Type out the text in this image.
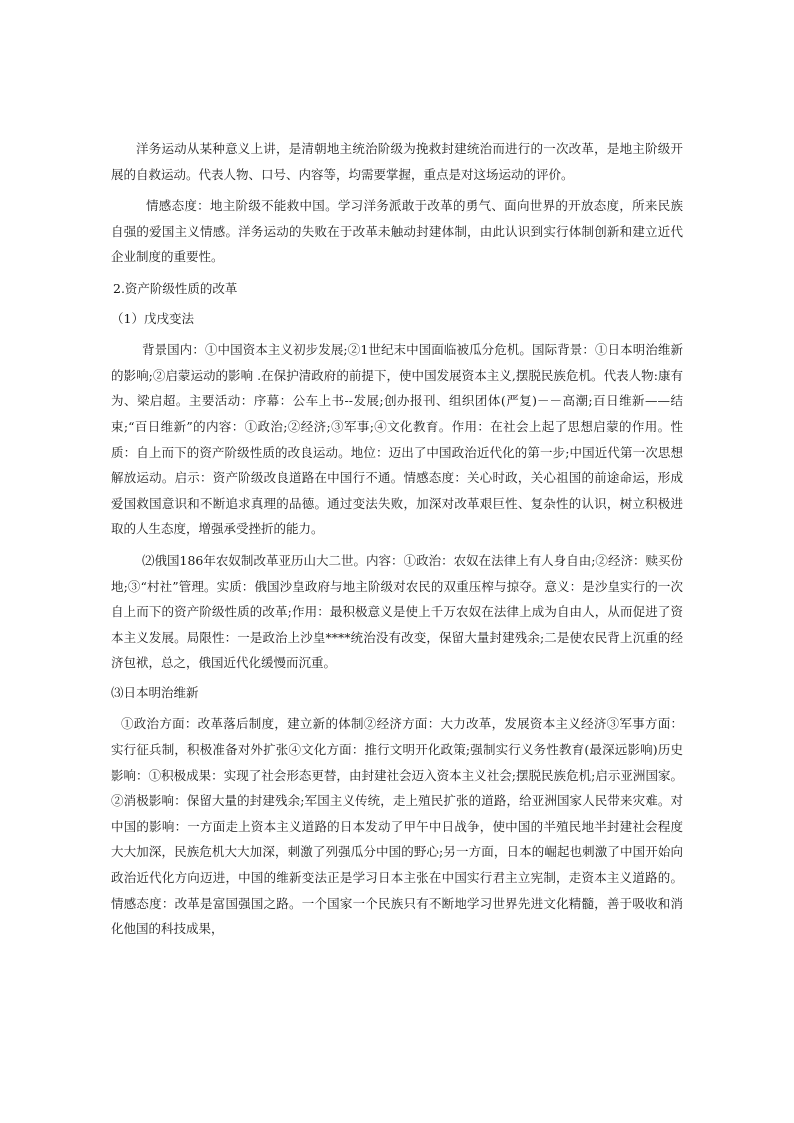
洋务运动从某种意义上讲，是清朝地主统治阶级为挽救封建统治而进行的一次改革，是地主阶级开展的自救运动。代表人物、口号、内容等，均需要掌握，重点是对这场运动的评价。

情感态度：地主阶级不能救中国。学习洋务派敢于改革的勇气、面向世界的开放态度，所来民族自强的爱国主义情感。洋务运动的失败在于改革未触动封建体制，由此认识到实行体制创新和建立近代企业制度的重要性。

2.资产阶级性质的改革

（1）戊戌变法

背景国内：①中国资本主义初步发展;②1世纪末中国面临被瓜分危机。国际背景：①日本明治维新的影响;②启蒙运动的影响 .在保护清政府的前提下，使中国发展资本主义,摆脱民族危机。代表人物:康有为、梁启超。主要活动：序幕：公车上书--发展;创办报刊、组织团体(严复)－－高潮;百日维新——结束;“百日维新”的内容：①政治;②经济;③军事;④文化教育。作用：在社会上起了思想启蒙的作用。性质：自上而下的资产阶级性质的改良运动。地位：迈出了中国政治近代化的第一步;中国近代第一次思想解放运动。启示：资产阶级改良道路在中国行不通。情感态度：关心时政，关心祖国的前途命运，形成爱国救国意识和不断追求真理的品德。通过变法失败，加深对改革艰巨性、复杂性的认识，树立积极进取的人生态度，增强承受挫折的能力。

⑵俄国186年农奴制改革亚历山大二世。内容：①政治：农奴在法律上有人身自由;②经济：赎买份地;③“村社”管理。实质：俄国沙皇政府与地主阶级对农民的双重压榨与掠夺。意义：是沙皇实行的一次自上而下的资产阶级性质的改革;作用：最积极意义是使上千万农奴在法律上成为自由人，从而促进了资本主义发展。局限性：一是政治上沙皇****统治没有改变，保留大量封建残余;二是使农民背上沉重的经济包袱，总之，俄国近代化缓慢而沉重。

⑶日本明治维新

①政治方面：改革落后制度，建立新的体制②经济方面：大力改革，发展资本主义经济③军事方面：实行征兵制，积极准备对外扩张④文化方面：推行文明开化政策;强制实行义务性教育(最深远影响)历史影响：①积极成果：实现了社会形态更替，由封建社会迈入资本主义社会;摆脱民族危机;启示亚洲国家。②消极影响：保留大量的封建残余;军国主义传统，走上殖民扩张的道路，给亚洲国家人民带来灾难。对中国的影响：一方面走上资本主义道路的日本发动了甲午中日战争，使中国的半殖民地半封建社会程度大大加深，民族危机大大加深，刺激了列强瓜分中国的野心;另一方面，日本的崛起也刺激了中国开始向政治近代化方向迈进，中国的维新变法正是学习日本主张在中国实行君主立宪制，走资本主义道路的。情感态度：改革是富国强国之路。一个国家一个民族只有不断地学习世界先进文化精髓，善于吸收和消化他国的科技成果，
